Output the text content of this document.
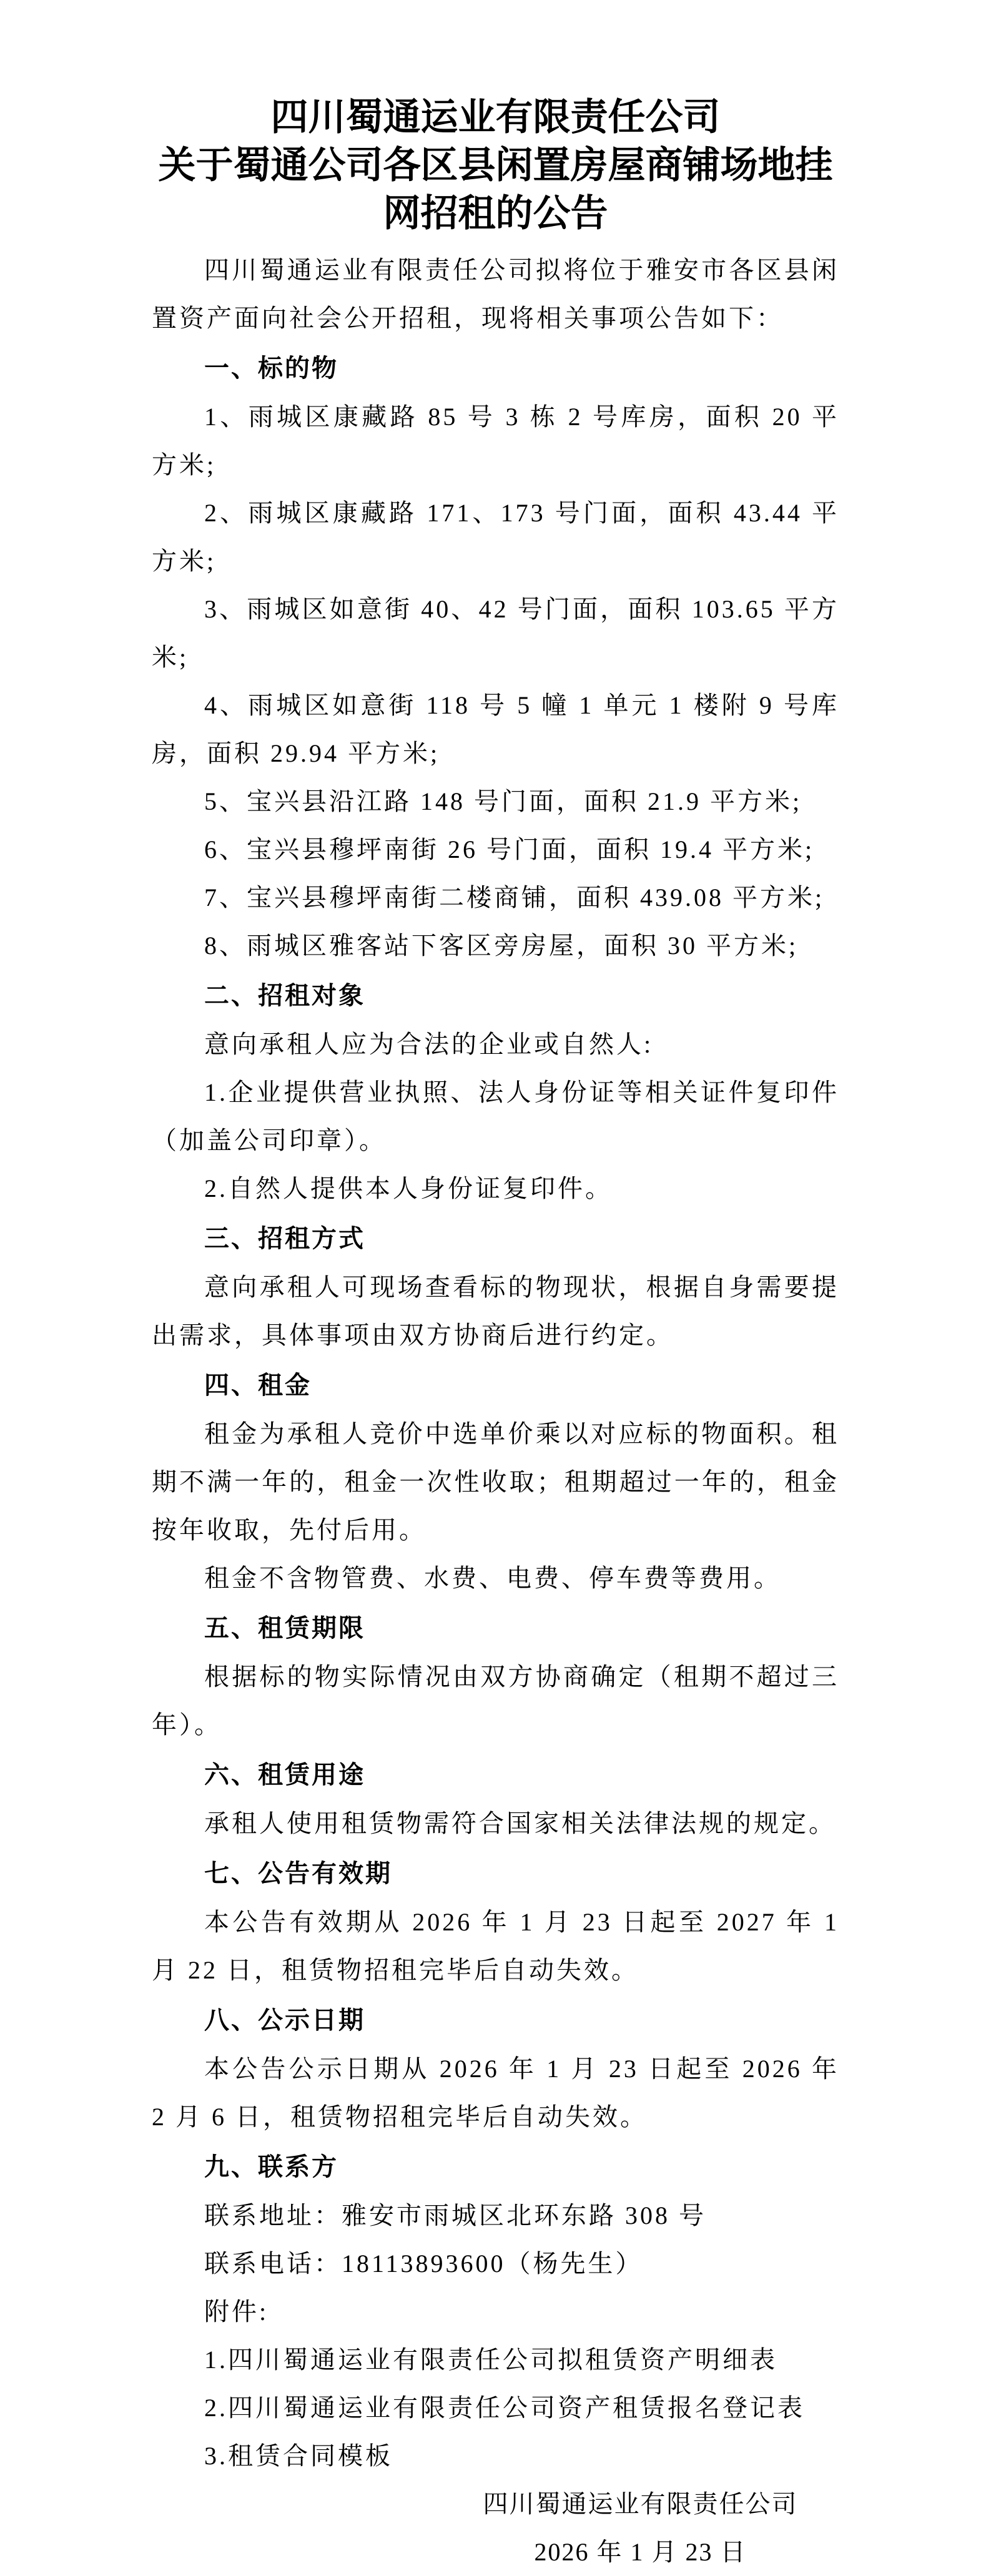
四川蜀通运业有限责任公司
关于蜀通公司各区县闲置房屋商铺场地挂
网招租的公告

四川蜀通运业有限责任公司拟将位于雅安市各区县闲置资产面向社会公开招租，现将相关事项公告如下：

一、标的物

1、雨城区康藏路 85 号 3 栋 2 号库房，面积 20 平方米;

2、雨城区康藏路 171、173 号门面，面积 43.44 平方米;

3、雨城区如意街 40、42 号门面，面积 103.65 平方米;

4、雨城区如意街 118 号 5 幢 1 单元 1 楼附 9 号库房，面积 29.94 平方米;

5、宝兴县沿江路 148 号门面，面积 21.9 平方米;

6、宝兴县穆坪南街 26 号门面，面积 19.4 平方米;

7、宝兴县穆坪南街二楼商铺，面积 439.08 平方米;

8、雨城区雅客站下客区旁房屋，面积 30 平方米;

二、招租对象

意向承租人应为合法的企业或自然人:

1.企业提供营业执照、法人身份证等相关证件复印件（加盖公司印章）。

2.自然人提供本人身份证复印件。

三、招租方式

意向承租人可现场查看标的物现状，根据自身需要提出需求，具体事项由双方协商后进行约定。

四、租金

租金为承租人竞价中选单价乘以对应标的物面积。租期不满一年的，租金一次性收取；租期超过一年的，租金按年收取，先付后用。

租金不含物管费、水费、电费、停车费等费用。

五、租赁期限

根据标的物实际情况由双方协商确定（租期不超过三年）。

六、租赁用途

承租人使用租赁物需符合国家相关法律法规的规定。

七、公告有效期

本公告有效期从 2026 年 1 月 23 日起至 2027 年 1 月 22 日，租赁物招租完毕后自动失效。

八、公示日期

本公告公示日期从 2026 年 1 月 23 日起至 2026 年 2 月 6 日，租赁物招租完毕后自动失效。

九、联系方

联系地址：雅安市雨城区北环东路 308 号

联系电话：18113893600（杨先生）

附件:

1.四川蜀通运业有限责任公司拟租赁资产明细表

2.四川蜀通运业有限责任公司资产租赁报名登记表

3.租赁合同模板

四川蜀通运业有限责任公司
2026 年 1 月 23 日
